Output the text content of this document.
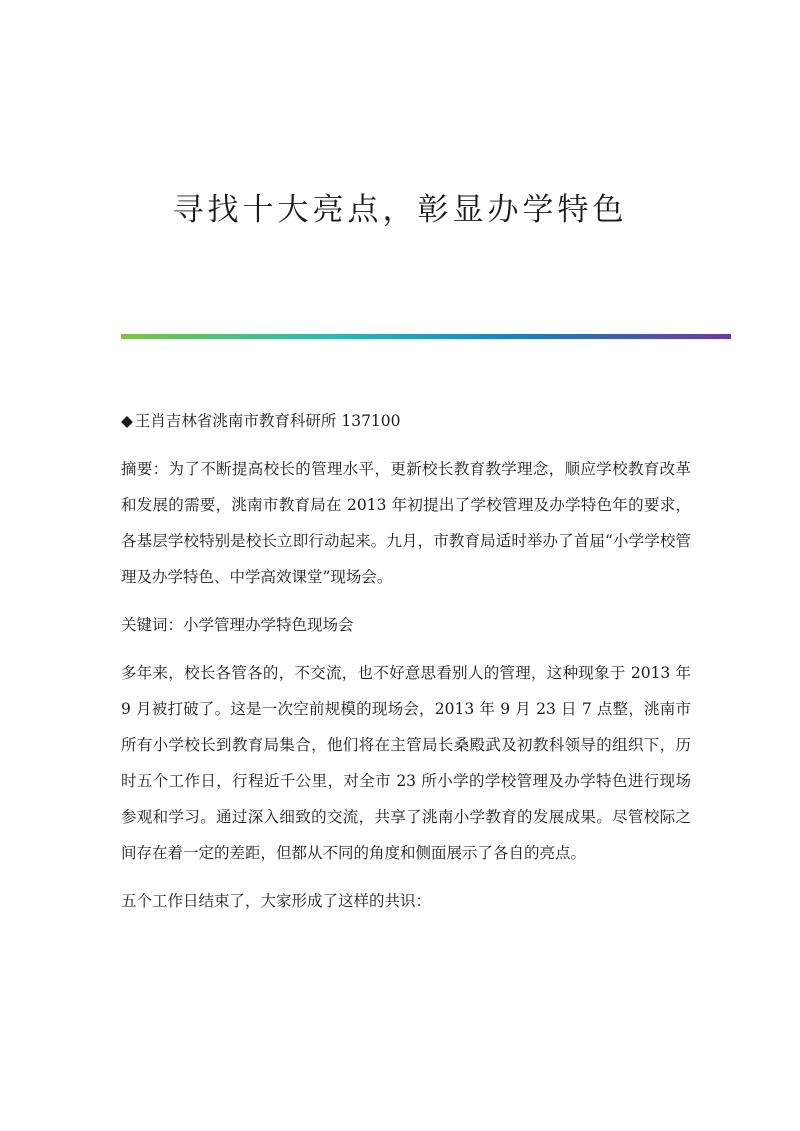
寻找十大亮点，彰显办学特色

◆ 王肖吉林省洮南市教育科研所 137100

摘要：为了不断提高校长的管理水平，更新校长教育教学理念，顺应学校教育改革和发展的需要，洮南市教育局在 2013 年初提出了学校管理及办学特色年的要求，各基层学校特别是校长立即行动起来。九月，市教育局适时举办了首届“小学学校管理及办学特色、中学高效课堂”现场会。

关键词：小学管理办学特色现场会

多年来，校长各管各的，不交流，也不好意思看别人的管理，这种现象于 2013 年 9 月被打破了。这是一次空前规模的现场会，2013 年 9 月 23 日 7 点整，洮南市所有小学校长到教育局集合，他们将在主管局长桑殿武及初教科领导的组织下，历时五个工作日，行程近千公里，对全市 23 所小学的学校管理及办学特色进行现场参观和学习。通过深入细致的交流，共享了洮南小学教育的发展成果。尽管校际之间存在着一定的差距，但都从不同的角度和侧面展示了各自的亮点。

五个工作日结束了，大家形成了这样的共识：
